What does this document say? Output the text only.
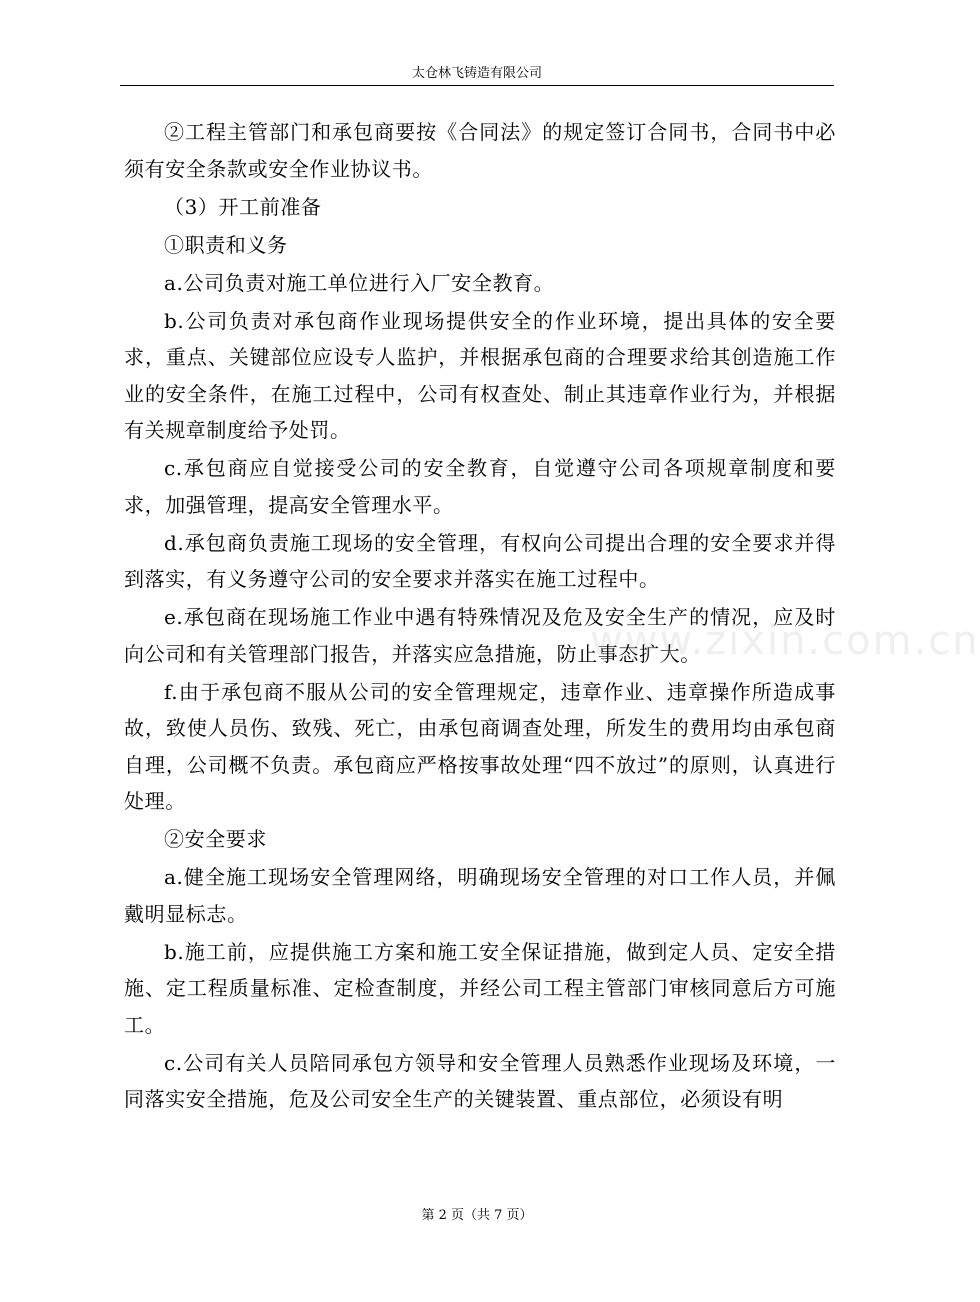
太仓林飞铸造有限公司

②工程主管部门和承包商要按《合同法》的规定签订合同书，合同书中必须有安全条款或安全作业协议书。

（3）开工前准备

①职责和义务

a.公司负责对施工单位进行入厂安全教育。

b.公司负责对承包商作业现场提供安全的作业环境，提出具体的安全要求，重点、关键部位应设专人监护，并根据承包商的合理要求给其创造施工作业的安全条件，在施工过程中，公司有权查处、制止其违章作业行为，并根据有关规章制度给予处罚。

c.承包商应自觉接受公司的安全教育，自觉遵守公司各项规章制度和要求，加强管理，提高安全管理水平。

d.承包商负责施工现场的安全管理，有权向公司提出合理的安全要求并得到落实，有义务遵守公司的安全要求并落实在施工过程中。

e.承包商在现场施工作业中遇有特殊情况及危及安全生产的情况，应及时向公司和有关管理部门报告，并落实应急措施，防止事态扩大。

f.由于承包商不服从公司的安全管理规定，违章作业、违章操作所造成事故，致使人员伤、致残、死亡，由承包商调查处理，所发生的费用均由承包商自理，公司概不负责。承包商应严格按事故处理“四不放过”的原则，认真进行处理。

②安全要求

a.健全施工现场安全管理网络，明确现场安全管理的对口工作人员，并佩戴明显标志。

b.施工前，应提供施工方案和施工安全保证措施，做到定人员、定安全措施、定工程质量标准、定检查制度，并经公司工程主管部门审核同意后方可施工。

c.公司有关人员陪同承包方领导和安全管理人员熟悉作业现场及环境，一同落实安全措施，危及公司安全生产的关键装置、重点部位，必须设有明

www.zixin.com.cn
第 2 页（共 7 页）
